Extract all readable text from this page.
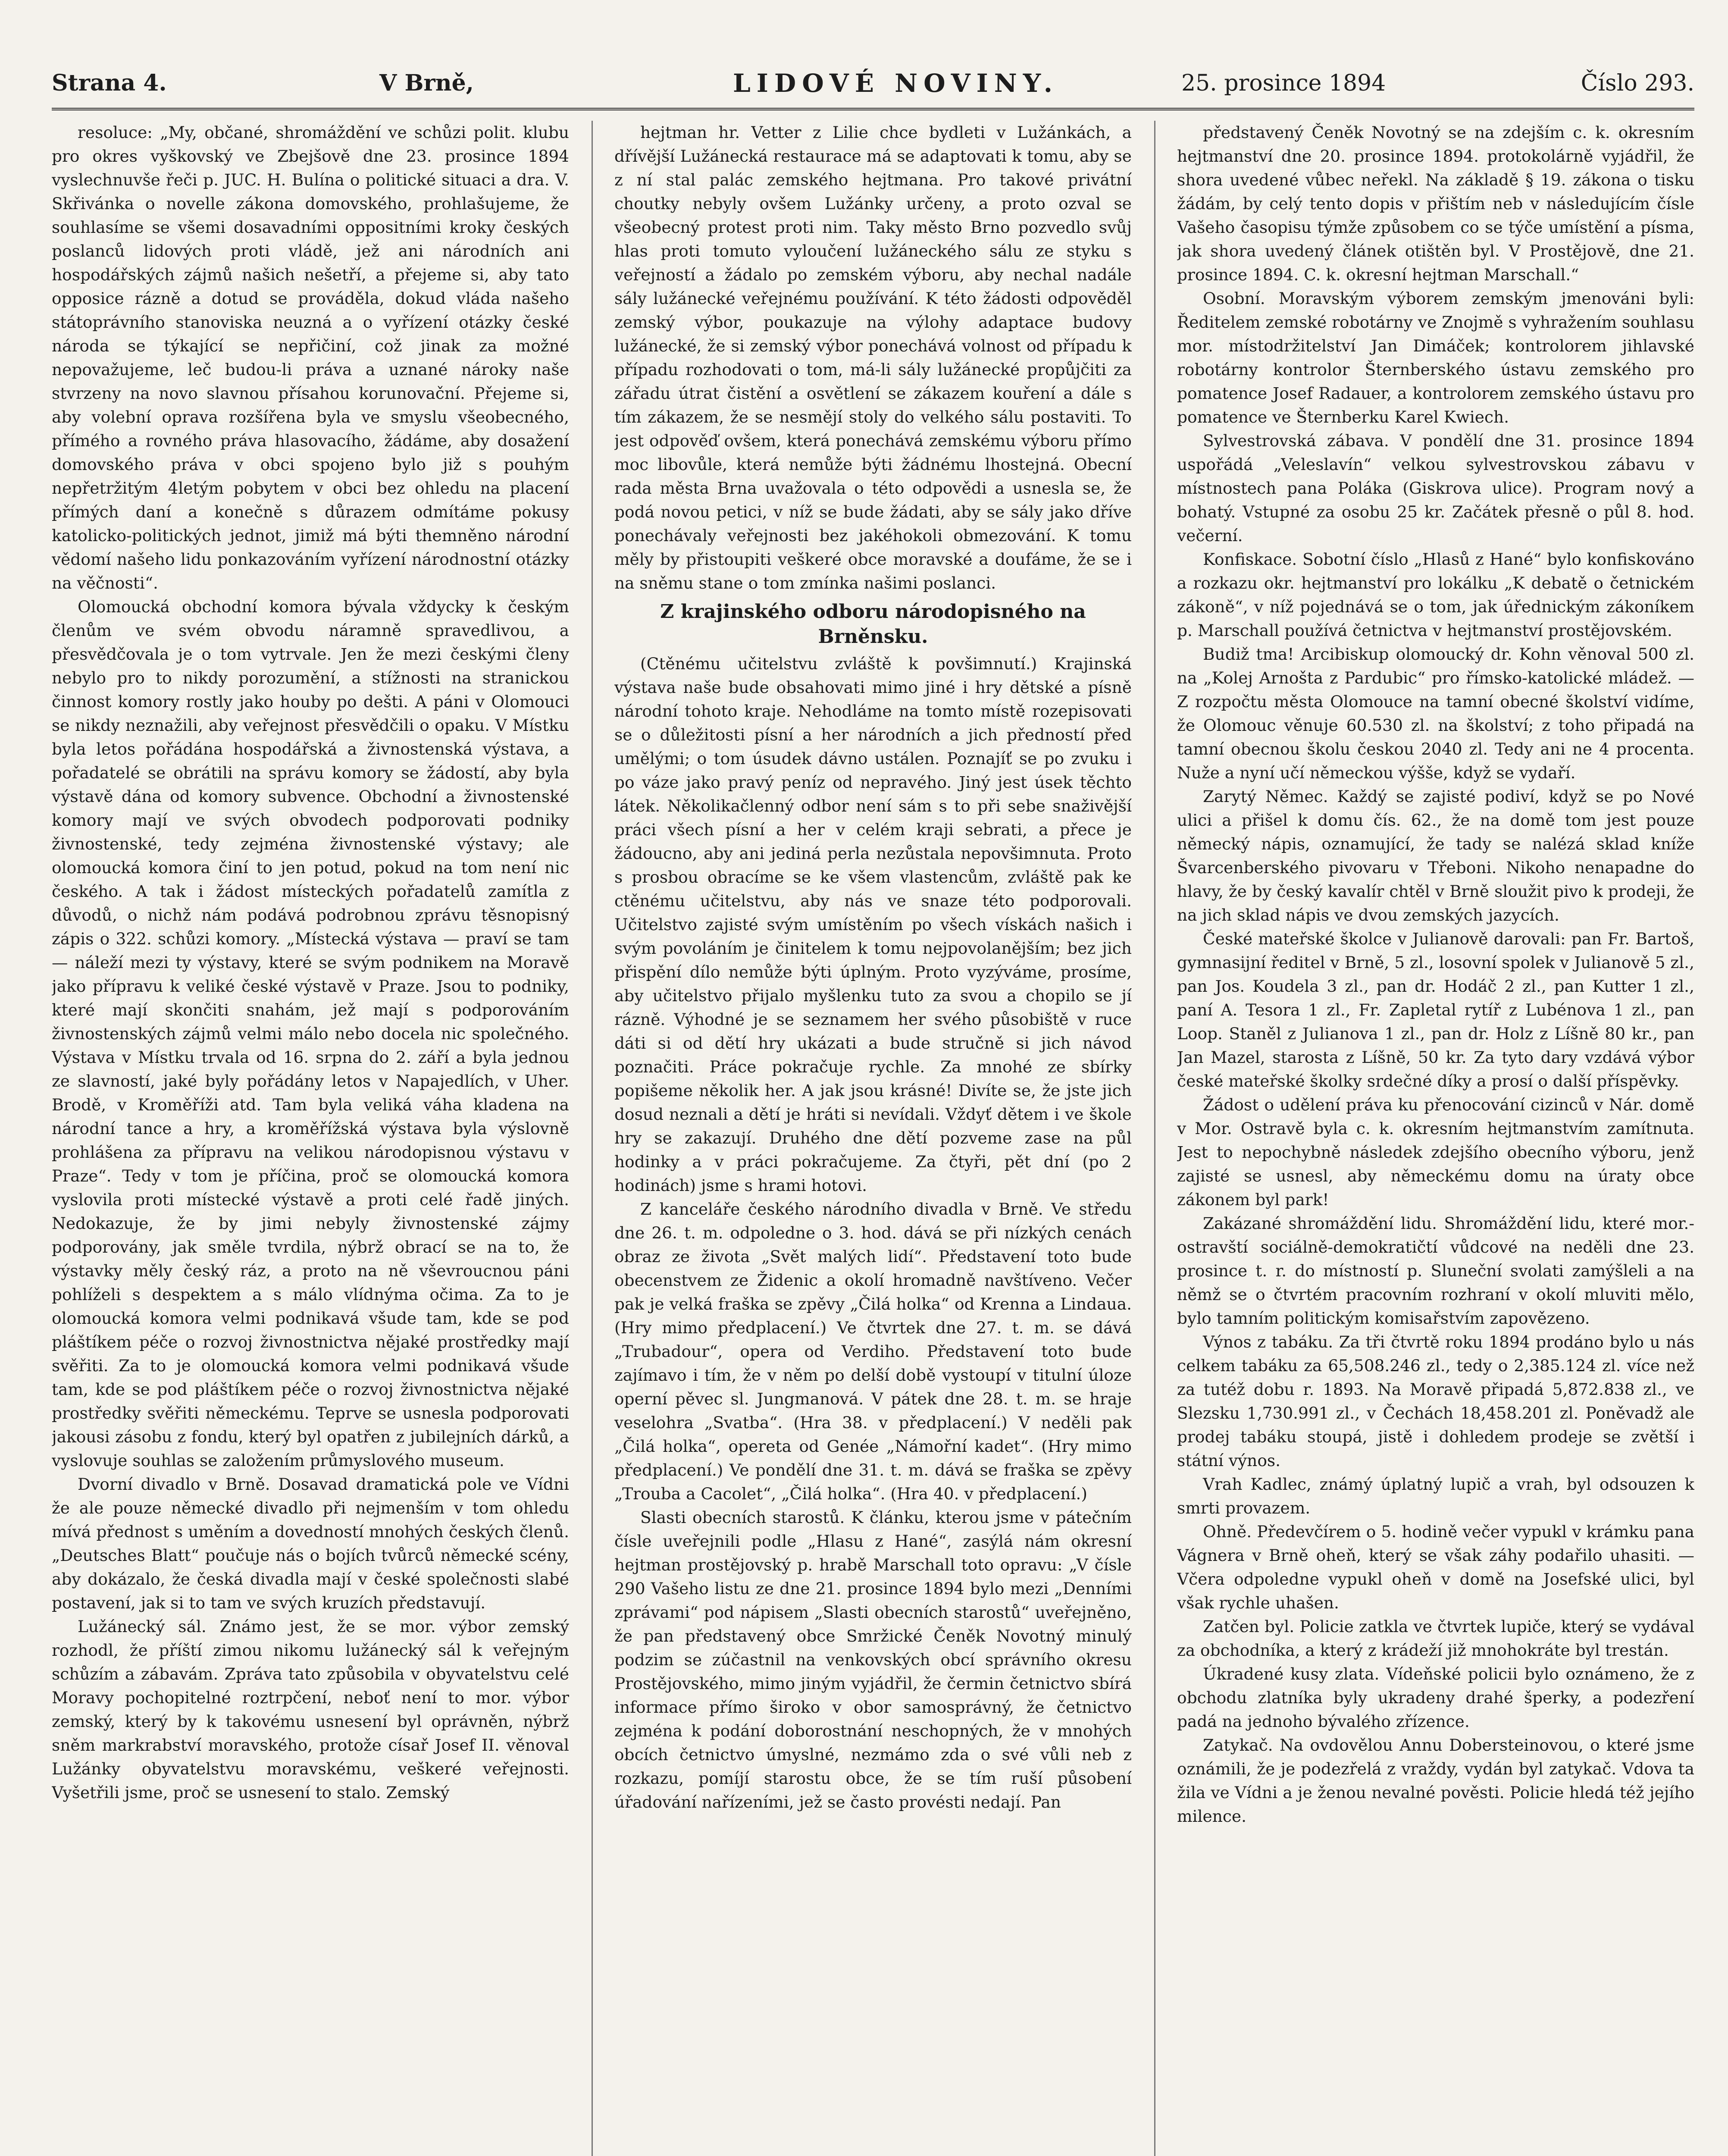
Strana 4.	V Brně,	LIDOVÉ NOVINY.	25. prosince 1894	Číslo 293.

resoluce: „My, občané, shromáždění ve schůzi polit. klubu pro okres vyškovský ve Zbejšově dne 23. prosince 1894 vyslechnuvše řeči p. JUC. H. Bulína o politické situaci a dra. V. Skřivánka o novelle zákona domovského, prohlašujeme, že souhlasíme se všemi dosavadními oppositními kroky českých poslanců lidových proti vládě, jež ani národních ani hospodářských zájmů našich nešetří, a přejeme si, aby tato opposice rázně a dotud se prováděla, dokud vláda našeho státoprávního stanoviska neuzná a o vyřízení otázky české národa se týkající se nepřičiní, což jinak za možné nepovažujeme, leč budou-li práva a uznané nároky naše stvrzeny na novo slavnou přísahou korunovační. Přejeme si, aby volební oprava rozšířena byla ve smyslu všeobecného, přímého a rovného práva hlasovacího, žádáme, aby dosažení domovského práva v obci spojeno bylo již s pouhým nepřetržitým 4letým pobytem v obci bez ohledu na placení přímých daní a konečně s důrazem odmítáme pokusy katolicko-politických jednot, jimiž má býti themněno národní vědomí našeho lidu ponkazováním vyřízení národnostní otázky na věčnosti“.

Olomoucká obchodní komora bývala vždycky k českým členům ve svém obvodu náramně spravedlivou, a přesvědčovala je o tom vytrvale. Jen že mezi českými členy nebylo pro to nikdy porozumění, a stížnosti na stranickou činnost komory rostly jako houby po dešti. A páni v Olomouci se nikdy neznažili, aby veřejnost přesvědčili o opaku. V Místku byla letos pořádána hospodářská a živnostenská výstava, a pořadatelé se obrátili na správu komory se žádostí, aby byla výstavě dána od komory subvence. Obchodní a živnostenské komory mají ve svých obvodech podporovati podniky živnostenské, tedy zejména živnostenské výstavy; ale olomoucká komora činí to jen potud, pokud na tom není nic českého. A tak i žádost místeckých pořadatelů zamítla z důvodů, o nichž nám podává podrobnou zprávu těsnopisný zápis o 322. schůzi komory. „Místecká výstava — praví se tam — náleží mezi ty výstavy, které se svým podnikem na Moravě jako přípravu k veliké české výstavě v Praze. Jsou to podniky, které mají skončiti snahám, jež mají s podporováním živnostenských zájmů velmi málo nebo docela nic společného. Výstava v Místku trvala od 16. srpna do 2. září a byla jednou ze slavností, jaké byly pořádány letos v Napajedlích, v Uher. Brodě, v Kroměříži atd. Tam byla veliká váha kladena na národní tance a hry, a kroměřížská výstava byla výslovně prohlášena za přípravu na velikou národopisnou výstavu v Praze“. Tedy v tom je příčina, proč se olomoucká komora vyslovila proti místecké výstavě a proti celé řadě jiných. Nedokazuje, že by jimi nebyly živnostenské zájmy podporovány, jak směle tvrdila, nýbrž obrací se na to, že výstavky měly český ráz, a proto na ně vševroucnou páni pohlíželi s despektem a s málo vlídnýma očima. Za to je olomoucká komora velmi podnikavá všude tam, kde se pod pláštíkem péče o rozvoj živnostnictva nějaké prostředky mají svěřiti. Za to je olomoucká komora velmi podnikavá všude tam, kde se pod pláštíkem péče o rozvoj živnostnictva nějaké prostředky svěřiti německému. Teprve se usnesla podporovati jakousi zásobu z fondu, který byl opatřen z jubilejních dárků, a vyslovuje souhlas se založením průmyslového museum.

Dvorní divadlo v Brně. Dosavad dramatická pole ve Vídni že ale pouze německé divadlo při nejmenším v tom ohledu mívá přednost s uměním a dovedností mnohých českých členů. „Deutsches Blatt“ poučuje nás o bojích tvůrců německé scény, aby dokázalo, že česká divadla mají v české společnosti slabé postavení, jak si to tam ve svých kruzích představují.

Lužánecký sál. Známo jest, že se mor. výbor zemský rozhodl, že příští zimou nikomu lužánecký sál k veřejným schůzím a zábavám. Zpráva tato způsobila v obyvatelstvu celé Moravy pochopitelné roztrpčení, neboť není to mor. výbor zemský, který by k takovému usnesení byl oprávněn, nýbrž sněm markrabství moravského, protože císař Josef II. věnoval Lužánky obyvatelstvu moravskému, veškeré veřejnosti. Vyšetřili jsme, proč se usnesení to stalo. Zemský

hejtman hr. Vetter z Lilie chce bydleti v Lužánkách, a dřívější Lužánecká restaurace má se adaptovati k tomu, aby se z ní stal palác zemského hejtmana. Pro takové privátní choutky nebyly ovšem Lužánky určeny, a proto ozval se všeobecný protest proti nim. Taky město Brno pozvedlo svůj hlas proti tomuto vyloučení lužáneckého sálu ze styku s veřejností a žádalo po zemském výboru, aby nechal nadále sály lužánecké veřejnému používání. K této žádosti odpověděl zemský výbor, poukazuje na výlohy adaptace budovy lužánecké, že si zemský výbor ponechává volnost od případu k případu rozhodovati o tom, má-li sály lužánecké propůjčiti za zářadu útrat čistění a osvětlení se zákazem kouření a dále s tím zákazem, že se nesmějí stoly do velkého sálu postaviti. To jest odpověď ovšem, která ponechává zemskému výboru přímo moc libovůle, která nemůže býti žádnému lhostejná. Obecní rada města Brna uvažovala o této odpovědi a usnesla se, že podá novou petici, v níž se bude žádati, aby se sály jako dříve ponechávaly veřejnosti bez jakéhokoli obmezování. K tomu měly by přistoupiti veškeré obce moravské a doufáme, že se i na sněmu stane o tom zmínka našimi poslanci.

Z krajinského odboru národopisného na Brněnsku.

(Ctěnému učitelstvu zvláště k povšimnutí.) Krajinská výstava naše bude obsahovati mimo jiné i hry dětské a písně národní tohoto kraje. Nehodláme na tomto místě rozepisovati se o důležitosti písní a her národních a jich předností před umělými; o tom úsudek dávno ustálen. Poznajíť se po zvuku i po váze jako pravý peníz od nepravého. Jiný jest úsek těchto látek. Několikačlenný odbor není sám s to při sebe snaživější práci všech písní a her v celém kraji sebrati, a přece je žádoucno, aby ani jediná perla nezůstala nepovšimnuta. Proto s prosbou obracíme se ke všem vlastencům, zvláště pak ke ctěnému učitelstvu, aby nás ve snaze této podporovali. Učitelstvo zajisté svým umístěním po všech vískách našich i svým povoláním je činitelem k tomu nejpovolanějším; bez jich přispění dílo nemůže býti úplným. Proto vyzýváme, prosíme, aby učitelstvo přijalo myšlenku tuto za svou a chopilo se jí rázně. Výhodné je se seznamem her svého působiště v ruce dáti si od dětí hry ukázati a bude stručně si jich návod poznačiti. Práce pokračuje rychle. Za mnohé ze sbírky popišeme několik her. A jak jsou krásné! Divíte se, že jste jich dosud neznali a dětí je hráti si nevídali. Vždyť dětem i ve škole hry se zakazují. Druhého dne dětí pozveme zase na půl hodinky a v práci pokračujeme. Za čtyři, pět dní (po 2 hodinách) jsme s hrami hotovi.

Z kanceláře českého národního divadla v Brně. Ve středu dne 26. t. m. odpoledne o 3. hod. dává se při nízkých cenách obraz ze života „Svět malých lidí“. Představení toto bude obecenstvem ze Židenic a okolí hromadně navštíveno. Večer pak je velká fraška se zpěvy „Čilá holka“ od Krenna a Lindaua. (Hry mimo předplacení.) Ve čtvrtek dne 27. t. m. se dává „Trubadour“, opera od Verdiho. Představení toto bude zajímavo i tím, že v něm po delší době vystoupí v titulní úloze operní pěvec sl. Jungmanová. V pátek dne 28. t. m. se hraje veselohra „Svatba“. (Hra 38. v předplacení.) V neděli pak „Čilá holka“, opereta od Genée „Námořní kadet“. (Hry mimo předplacení.) Ve pondělí dne 31. t. m. dává se fraška se zpěvy „Trouba a Cacolet“, „Čilá holka“. (Hra 40. v předplacení.)

Slasti obecních starostů. K článku, kterou jsme v pátečním čísle uveřejnili podle „Hlasu z Hané“, zasýlá nám okresní hejtman prostějovský p. hrabě Marschall toto opravu: „V čísle 290 Vašeho listu ze dne 21. prosince 1894 bylo mezi „Denními zprávami“ pod nápisem „Slasti obecních starostů“ uveřejněno, že pan představený obce Smržické Čeněk Novotný minulý podzim se zúčastnil na venkovských obcí správního okresu Prostějovského, mimo jiným vyjádřil, že čermin četnictvo sbírá informace přímo široko v obor samosprávný, že četnictvo zejména k podání doborostnání neschopných, že v mnohých obcích četnictvo úmyslné, nezmámo zda o své vůli neb z rozkazu, pomíjí starostu obce, že se tím ruší působení úřadování nařízeními, jež se často provésti nedají. Pan

představený Čeněk Novotný se na zdejším c. k. okresním hejtmanství dne 20. prosince 1894. protokolárně vyjádřil, že shora uvedené vůbec neřekl. Na základě § 19. zákona o tisku žádám, by celý tento dopis v přištím neb v následujícím čísle Vašeho časopisu týmže způsobem co se týče umístění a písma, jak shora uvedený článek otištěn byl. V Prostějově, dne 21. prosince 1894. C. k. okresní hejtman Marschall.“

Osobní. Moravským výborem zemským jmenováni byli: Ředitelem zemské robotárny ve Znojmě s vyhražením souhlasu mor. místodržitelství Jan Dimáček; kontrolorem jihlavské robotárny kontrolor Šternberského ústavu zemského pro pomatence Josef Radauer, a kontrolorem zemského ústavu pro pomatence ve Šternberku Karel Kwiech.

Sylvestrovská zábava. V pondělí dne 31. prosince 1894 uspořádá „Veleslavín“ velkou sylvestrovskou zábavu v místnostech pana Poláka (Giskrova ulice). Program nový a bohatý. Vstupné za osobu 25 kr. Začátek přesně o půl 8. hod. večerní.

Konfiskace. Sobotní číslo „Hlasů z Hané“ bylo konfiskováno a rozkazu okr. hejtmanství pro lokálku „K debatě o četnickém zákoně“, v níž pojednává se o tom, jak úřednickým zákoníkem p. Marschall používá četnictva v hejtmanství prostějovském.

Budiž tma! Arcibiskup olomoucký dr. Kohn věnoval 500 zl. na „Kolej Arnošta z Pardubic“ pro římsko-katolické mládež. — Z rozpočtu města Olomouce na tamní obecné školství vidíme, že Olomouc věnuje 60.530 zl. na školství; z toho připadá na tamní obecnou školu českou 2040 zl. Tedy ani ne 4 procenta. Nuže a nyní učí německou výšše, když se vydaří.

Zarytý Němec. Každý se zajisté podiví, když se po Nové ulici a přišel k domu čís. 62., že na domě tom jest pouze německý nápis, oznamující, že tady se nalézá sklad kníže Švarcenberského pivovaru v Třeboni. Nikoho nenapadne do hlavy, že by český kavalír chtěl v Brně sloužit pivo k prodeji, že na jich sklad nápis ve dvou zemských jazycích.

České mateřské školce v Julianově darovali: pan Fr. Bartoš, gymnasijní ředitel v Brně, 5 zl., losovní spolek v Julianově 5 zl., pan Jos. Koudela 3 zl., pan dr. Hodáč 2 zl., pan Kutter 1 zl., paní A. Tesora 1 zl., Fr. Zapletal rytíř z Lubénova 1 zl., pan Loop. Staněl z Julianova 1 zl., pan dr. Holz z Líšně 80 kr., pan Jan Mazel, starosta z Líšně, 50 kr. Za tyto dary vzdává výbor české mateřské školky srdečné díky a prosí o další příspěvky.

Žádost o udělení práva ku přenocování cizinců v Nár. domě v Mor. Ostravě byla c. k. okresním hejtmanstvím zamítnuta. Jest to nepochybně následek zdejšího obecního výboru, jenž zajisté se usnesl, aby německému domu na úraty obce zákonem byl park!

Zakázané shromáždění lidu. Shromáždění lidu, které mor.-ostravští sociálně-demokratičtí vůdcové na neděli dne 23. prosince t. r. do místností p. Sluneční svolati zamýšleli a na němž se o čtvrtém pracovním rozhraní v okolí mluviti mělo, bylo tamním politickým komisařstvím zapovězeno.

Výnos z tabáku. Za tři čtvrtě roku 1894 prodáno bylo u nás celkem tabáku za 65,508.246 zl., tedy o 2,385.124 zl. více než za tutéž dobu r. 1893. Na Moravě připadá 5,872.838 zl., ve Slezsku 1,730.991 zl., v Čechách 18,458.201 zl. Poněvadž ale prodej tabáku stoupá, jistě i dohledem prodeje se zvětší i státní výnos.

Vrah Kadlec, známý úplatný lupič a vrah, byl odsouzen k smrti provazem.

Ohně. Předevčírem o 5. hodině večer vypukl v krámku pana Vágnera v Brně oheň, který se však záhy podařilo uhasiti. — Včera odpoledne vypukl oheň v domě na Josefské ulici, byl však rychle uhašen.

Zatčen byl. Policie zatkla ve čtvrtek lupiče, který se vydával za obchodníka, a který z krádeží již mnohokráte byl trestán.

Úkradené kusy zlata. Vídeňské policii bylo oznámeno, že z obchodu zlatníka byly ukradeny drahé šperky, a podezření padá na jednoho bývalého zřízence.

Zatykač. Na ovdovělou Annu Dobersteinovou, o které jsme oznámili, že je podezřelá z vraždy, vydán byl zatykač. Vdova ta žila ve Vídni a je ženou nevalné pověsti. Policie hledá též jejího milence.
